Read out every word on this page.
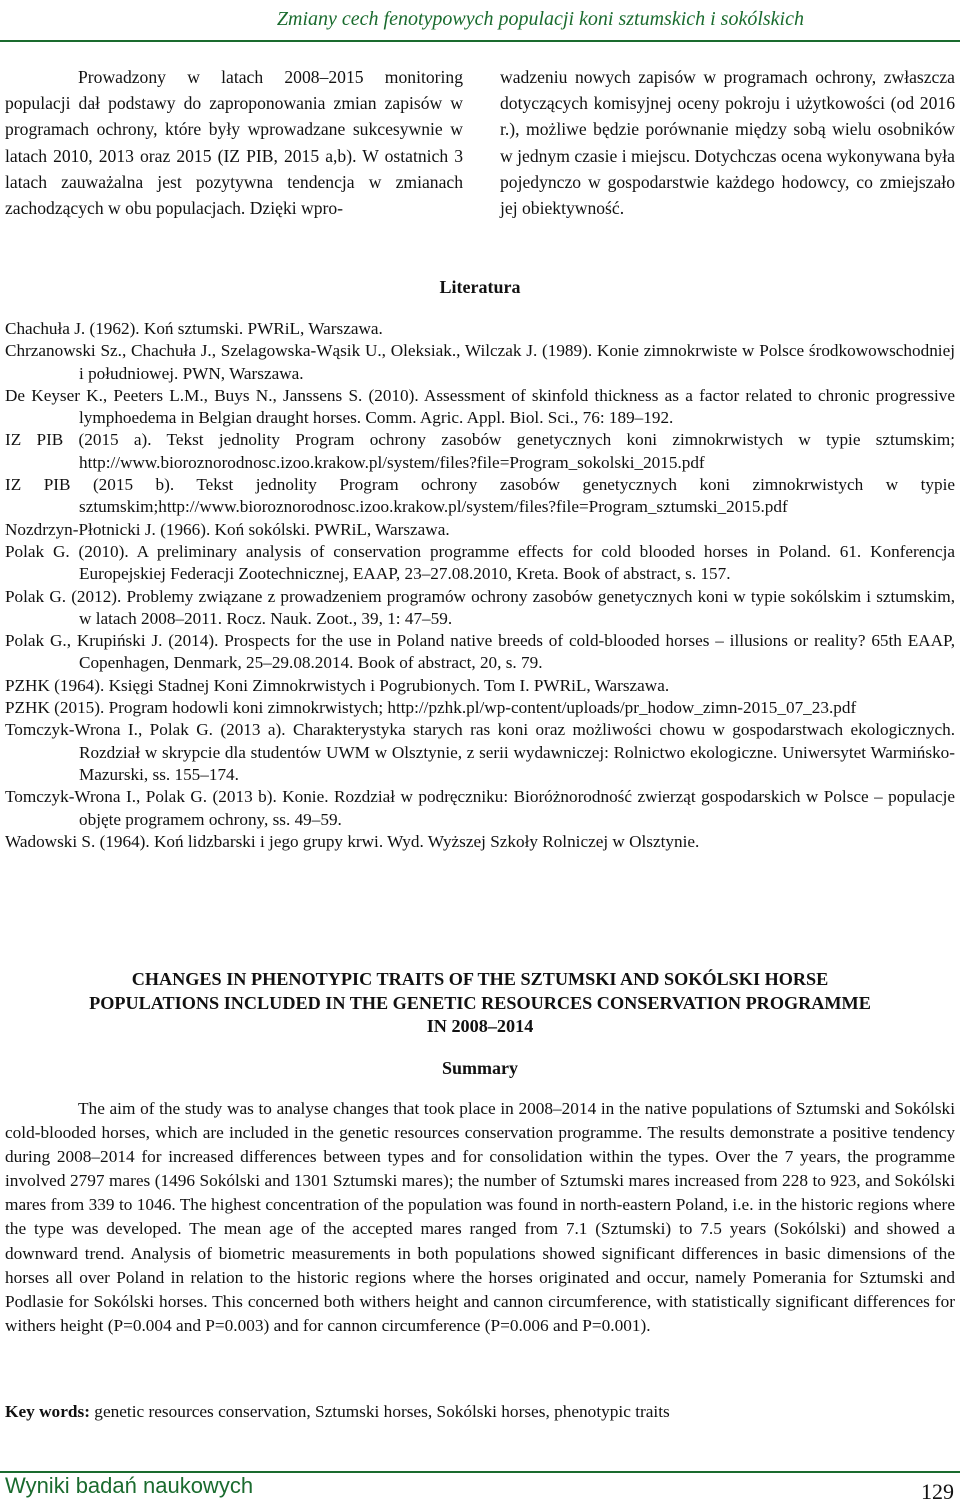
Zmiany cech fenotypowych populacji koni sztumskich i sokólskich

Prowadzony w latach 2008–2015 monitoring populacji dał podstawy do zaproponowania zmian zapisów w programach ochrony, które były wprowadzane sukcesywnie w latach 2010, 2013 oraz 2015 (IZ PIB, 2015 a,b). W ostatnich 3 latach zauważalna jest pozytywna tendencja w zmianach zachodzących w obu populacjach. Dzięki wpro-

wadzeniu nowych zapisów w programach ochrony, zwłaszcza dotyczących komisyjnej oceny pokroju i użytkowości (od 2016 r.), możliwe będzie porównanie między sobą wielu osobników w jednym czasie i miejscu. Dotychczas ocena wykonywana była pojedynczo w gospodarstwie każdego hodowcy, co zmiejszało jej obiektywność.

Literatura
Chachuła J. (1962). Koń sztumski. PWRiL, Warszawa.
Chrzanowski Sz., Chachuła J., Szelagowska-Wąsik U., Oleksiak., Wilczak J. (1989). Konie zimnokrwiste w Polsce środkowowschodniej i południowej. PWN, Warszawa.
De Keyser K., Peeters L.M., Buys N., Janssens S. (2010). Assessment of skinfold thickness as a factor related to chronic progressive lymphoedema in Belgian draught horses. Comm. Agric. Appl. Biol. Sci., 76: 189–192.
IZ PIB (2015 a). Tekst jednolity Program ochrony zasobów genetycznych koni zimnokrwistych w typie sztumskim; http://www.bioroznorodnosc.izoo.krakow.pl/system/files?file=Program_sokolski_2015.pdf
IZ PIB (2015 b). Tekst jednolity Program ochrony zasobów genetycznych koni zimnokrwistych w typie sztumskim;http://www.bioroznorodnosc.izoo.krakow.pl/system/files?file=Program_sztumski_2015.pdf
Nozdrzyn-Płotnicki J. (1966). Koń sokólski. PWRiL, Warszawa.
Polak G. (2010). A preliminary analysis of conservation programme effects for cold blooded horses in Poland. 61. Konferencja Europejskiej Federacji Zootechnicznej, EAAP, 23–27.08.2010, Kreta. Book of abstract, s. 157.
Polak G. (2012). Problemy związane z prowadzeniem programów ochrony zasobów genetycznych koni w typie sokólskim i sztumskim, w latach 2008–2011. Rocz. Nauk. Zoot., 39, 1: 47–59.
Polak G., Krupiński J. (2014). Prospects for the use in Poland native breeds of cold-blooded horses – illusions or reality? 65th EAAP, Copenhagen, Denmark, 25–29.08.2014. Book of abstract, 20, s. 79.
PZHK (1964). Księgi Stadnej Koni Zimnokrwistych i Pogrubionych. Tom I. PWRiL, Warszawa.
PZHK (2015). Program hodowli koni zimnokrwistych; http://pzhk.pl/wp-content/uploads/pr_hodow_zimn-2015_07_23.pdf
Tomczyk-Wrona I., Polak G. (2013 a). Charakterystyka starych ras koni oraz możliwości chowu w gospodarstwach ekologicznych. Rozdział w skrypcie dla studentów UWM w Olsztynie, z serii wydawniczej: Rolnictwo ekologiczne. Uniwersytet Warmińsko-Mazurski, ss. 155–174.
Tomczyk-Wrona I., Polak G. (2013 b). Konie. Rozdział w podręczniku: Bioróżnorodność zwierząt gospodarskich w Polsce – populacje objęte programem ochrony, ss. 49–59.
Wadowski S. (1964). Koń lidzbarski i jego grupy krwi. Wyd. Wyższej Szkoły Rolniczej w Olsztynie.
CHANGES IN PHENOTYPIC TRAITS OF THE SZTUMSKI AND SOKÓLSKI HORSE
POPULATIONS INCLUDED IN THE GENETIC RESOURCES CONSERVATION PROGRAMME
IN 2008–2014
Summary

The aim of the study was to analyse changes that took place in 2008–2014 in the native populations of Sztumski and Sokólski cold-blooded horses, which are included in the genetic resources conservation programme. The results demonstrate a positive tendency during 2008–2014 for increased differences between types and for consolidation within the types. Over the 7 years, the programme involved 2797 mares (1496 Sokólski and 1301 Sztumski mares); the number of Sztumski mares increased from 228 to 923, and Sokólski mares from 339 to 1046. The highest concentration of the population was found in north-eastern Poland, i.e. in the historic regions where the type was developed. The mean age of the accepted mares ranged from 7.1 (Sztumski) to 7.5 years (Sokólski) and showed a downward trend. Analysis of biometric measurements in both populations showed significant differences in basic dimensions of the horses all over Poland in relation to the historic regions where the horses originated and occur, namely Pomerania for Sztumski and Podlasie for Sokólski horses. This concerned both withers height and cannon circumference, with statistically significant differences for withers height (P=0.004 and P=0.003) and for cannon circumference (P=0.006 and P=0.001).

Key words: genetic resources conservation, Sztumski horses, Sokólski horses, phenotypic traits
Wyniki badań naukowych	129
